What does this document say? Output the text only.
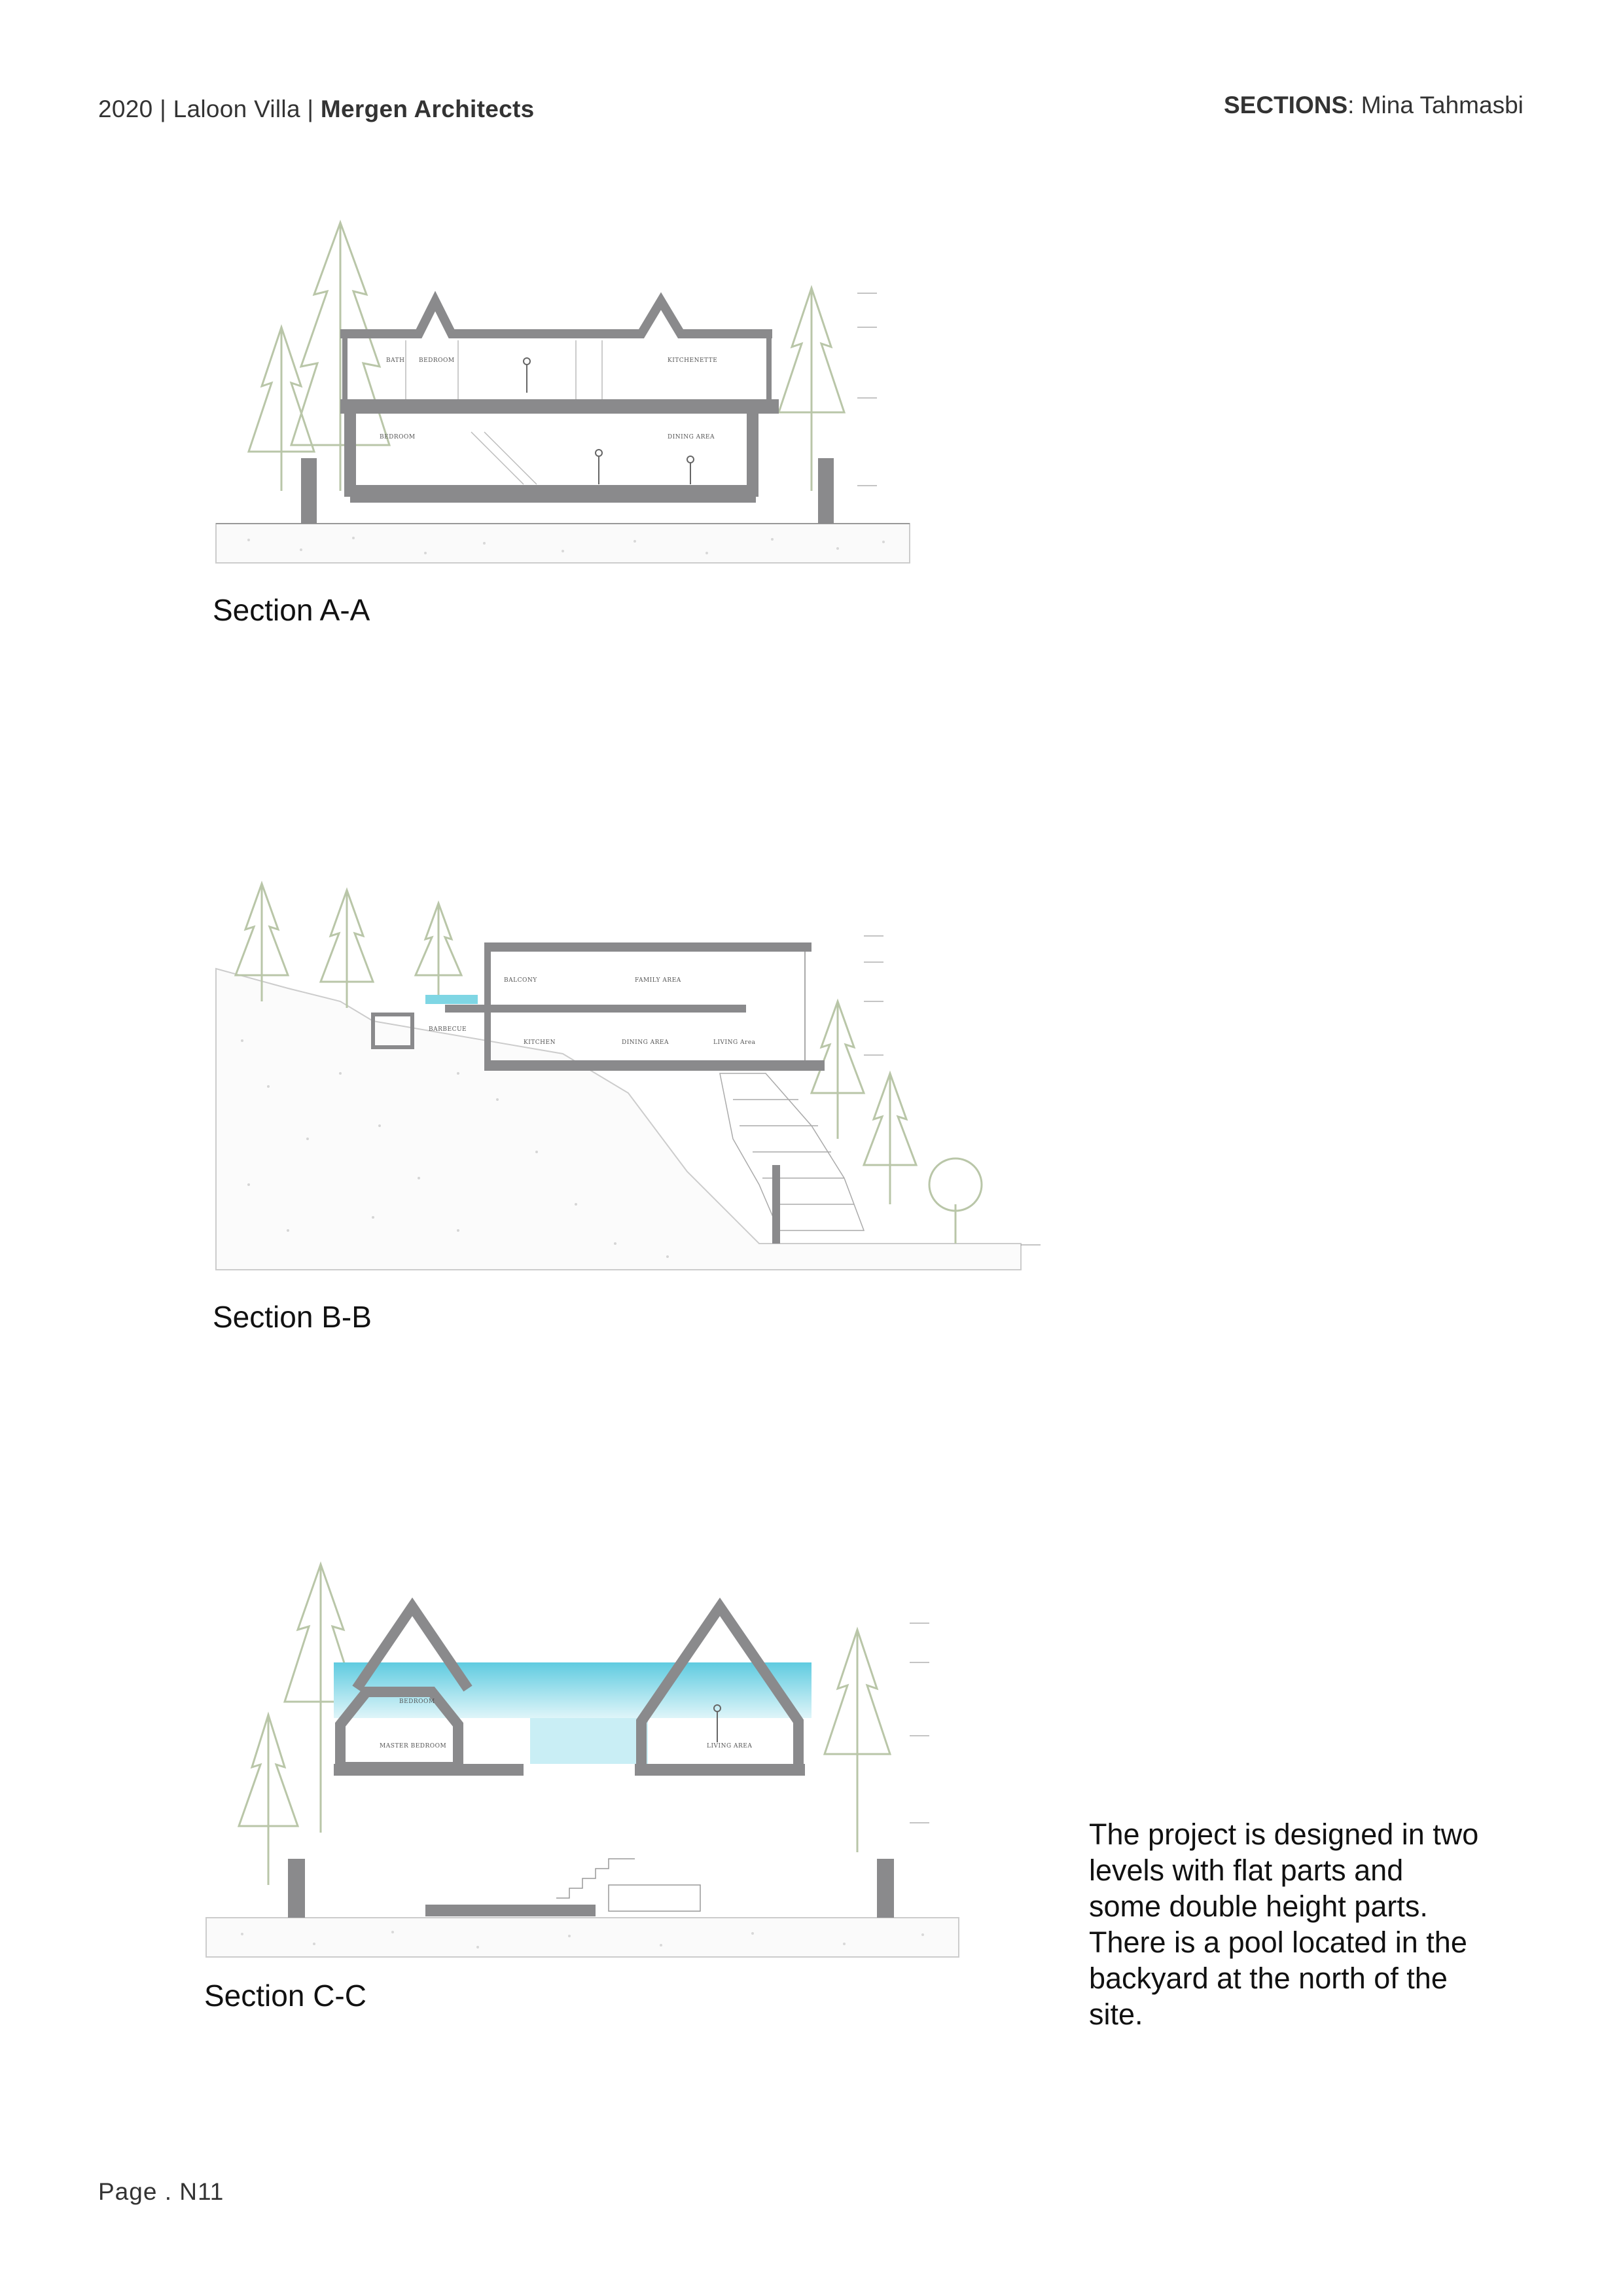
2020 | Laloon Villa | Mergen Architects	SECTIONS: Mina Tahmasbi
BATH BEDROOM	KITCHENETTE
BEDROOM	DINING AREA
Section A-A
BALCONY	FAMILY AREA
BARBECUE
KITCHEN	DINING AREA	LIVING Area
Section B-B
BEDROOM
MASTER BEDROOM	LIVING AREA
Section C-C
The project is designed in two levels with flat parts and some double height parts. There is a pool located in the backyard at the north of the site.
Page . N11
